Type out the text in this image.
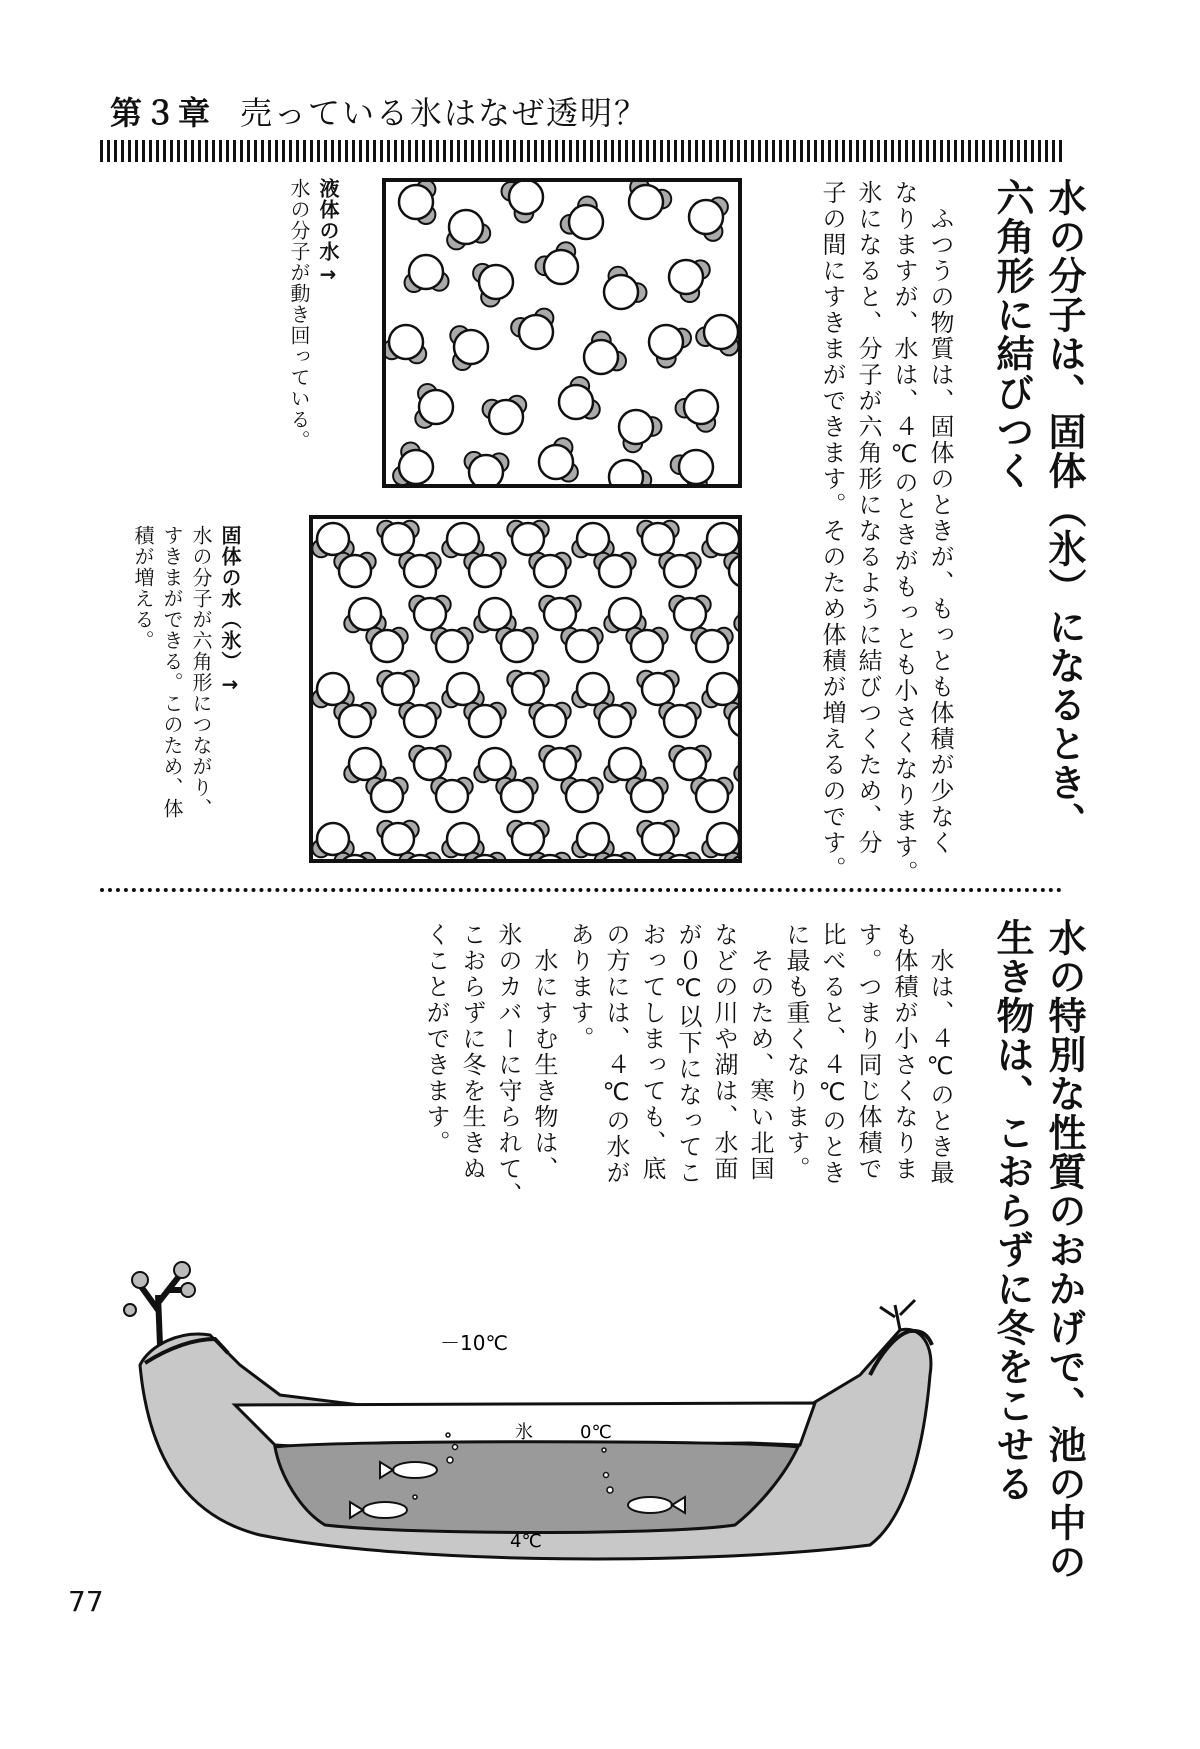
第３章 売っている氷はなぜ透明？
水の分子は、固体（氷）になるとき、
六角形に結びつく
　ふつうの物質は、固体のときが、もっとも体積が少なく
なりますが、水は、４℃のときがもっとも小さくなります。
氷になると、分子が六角形になるように結びつくため、分
子の間にすきまができます。そのため体積が増えるのです。
液体の水→
水の分子が動き回っている。
固体の水（氷）→
水の分子が六角形につながり、
すきまができる。このため、体
積が増える。
水の特別な性質のおかげで、池の中の
生き物は、こおらずに冬をこせる
　水は、４℃のとき最
も体積が小さくなりま
す。つまり同じ体積で
比べると、４℃のとき
に最も重くなります。
　そのため、寒い北国
などの川や湖は、水面
が０℃以下になってこ
おってしまっても、底
の方には、４℃の水が
あります。
　水にすむ生き物は、
氷のカバーに守られて、
こおらずに冬を生きぬ
くことができます。
－10℃
氷	0℃
4℃
77
